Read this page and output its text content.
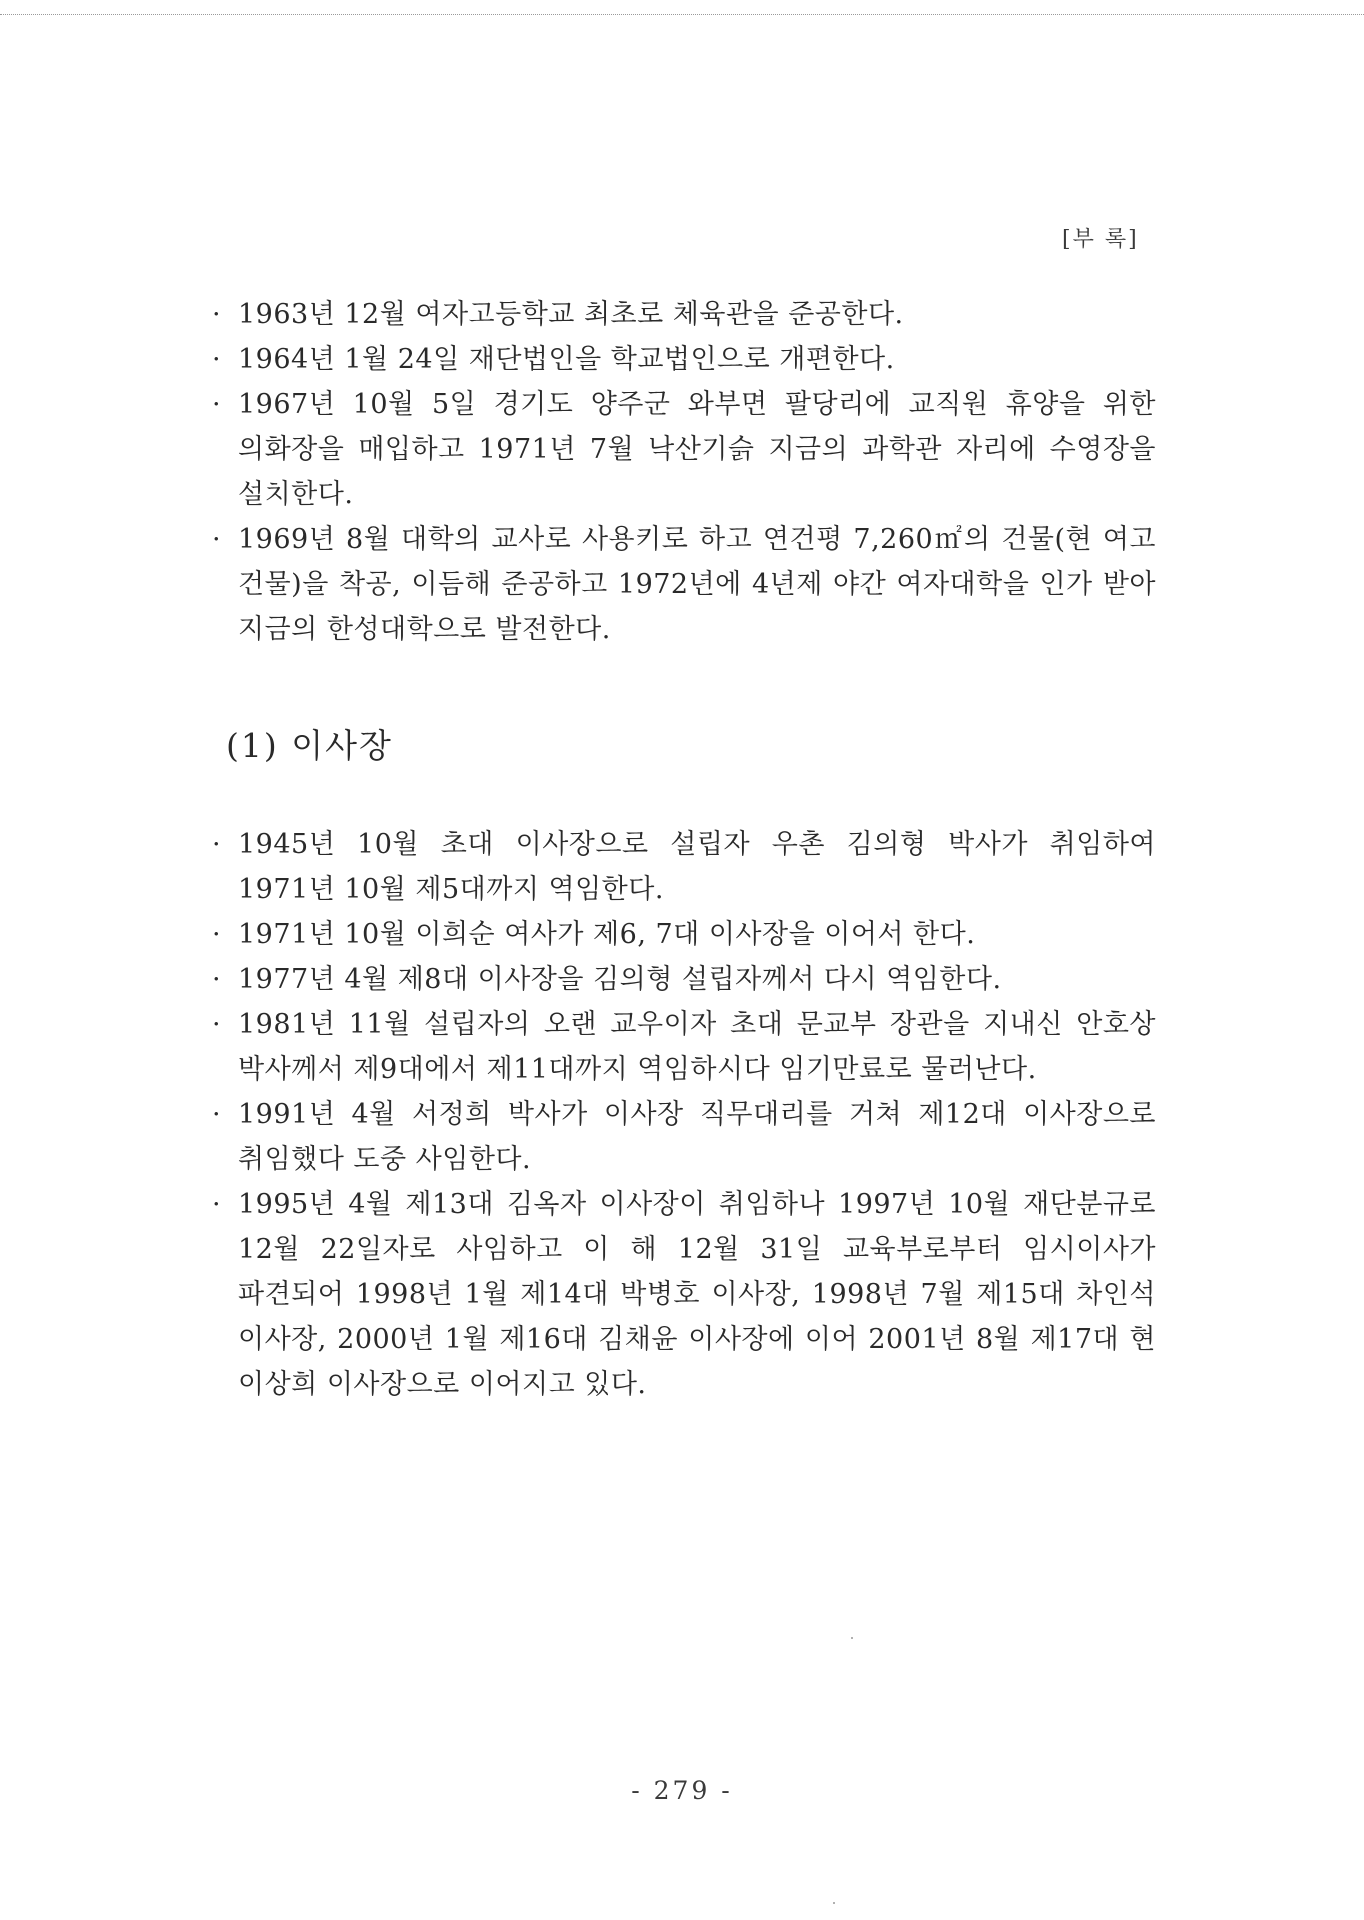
[부 록]
· 1963년 12월 여자고등학교 최초로 체육관을 준공한다.
· 1964년 1월 24일 재단법인을 학교법인으로 개편한다.
· 1967년 10월 5일 경기도 양주군 와부면 팔당리에 교직원 휴양을 위한 의화장을 매입하고 1971년 7월 낙산기슭 지금의 과학관 자리에 수영장을 설치한다.
· 1969년 8월 대학의 교사로 사용키로 하고 연건평 7,260㎡의 건물(현 여고 건물)을 착공, 이듬해 준공하고 1972년에 4년제 야간 여자대학을 인가 받아 지금의 한성대학으로 발전한다.
(1) 이사장
· 1945년 10월 초대 이사장으로 설립자 우촌 김의형 박사가 취임하여 1971년 10월 제5대까지 역임한다.
· 1971년 10월 이희순 여사가 제6, 7대 이사장을 이어서 한다.
· 1977년 4월 제8대 이사장을 김의형 설립자께서 다시 역임한다.
· 1981년 11월 설립자의 오랜 교우이자 초대 문교부 장관을 지내신 안호상 박사께서 제9대에서 제11대까지 역임하시다 임기만료로 물러난다.
· 1991년 4월 서정희 박사가 이사장 직무대리를 거쳐 제12대 이사장으로 취임했다 도중 사임한다.
· 1995년 4월 제13대 김옥자 이사장이 취임하나 1997년 10월 재단분규로 12월 22일자로 사임하고 이 해 12월 31일 교육부로부터 임시이사가 파견되어 1998년 1월 제14대 박병호 이사장, 1998년 7월 제15대 차인석 이사장, 2000년 1월 제16대 김채윤 이사장에 이어 2001년 8월 제17대 현 이상희 이사장으로 이어지고 있다.
- 279 -
